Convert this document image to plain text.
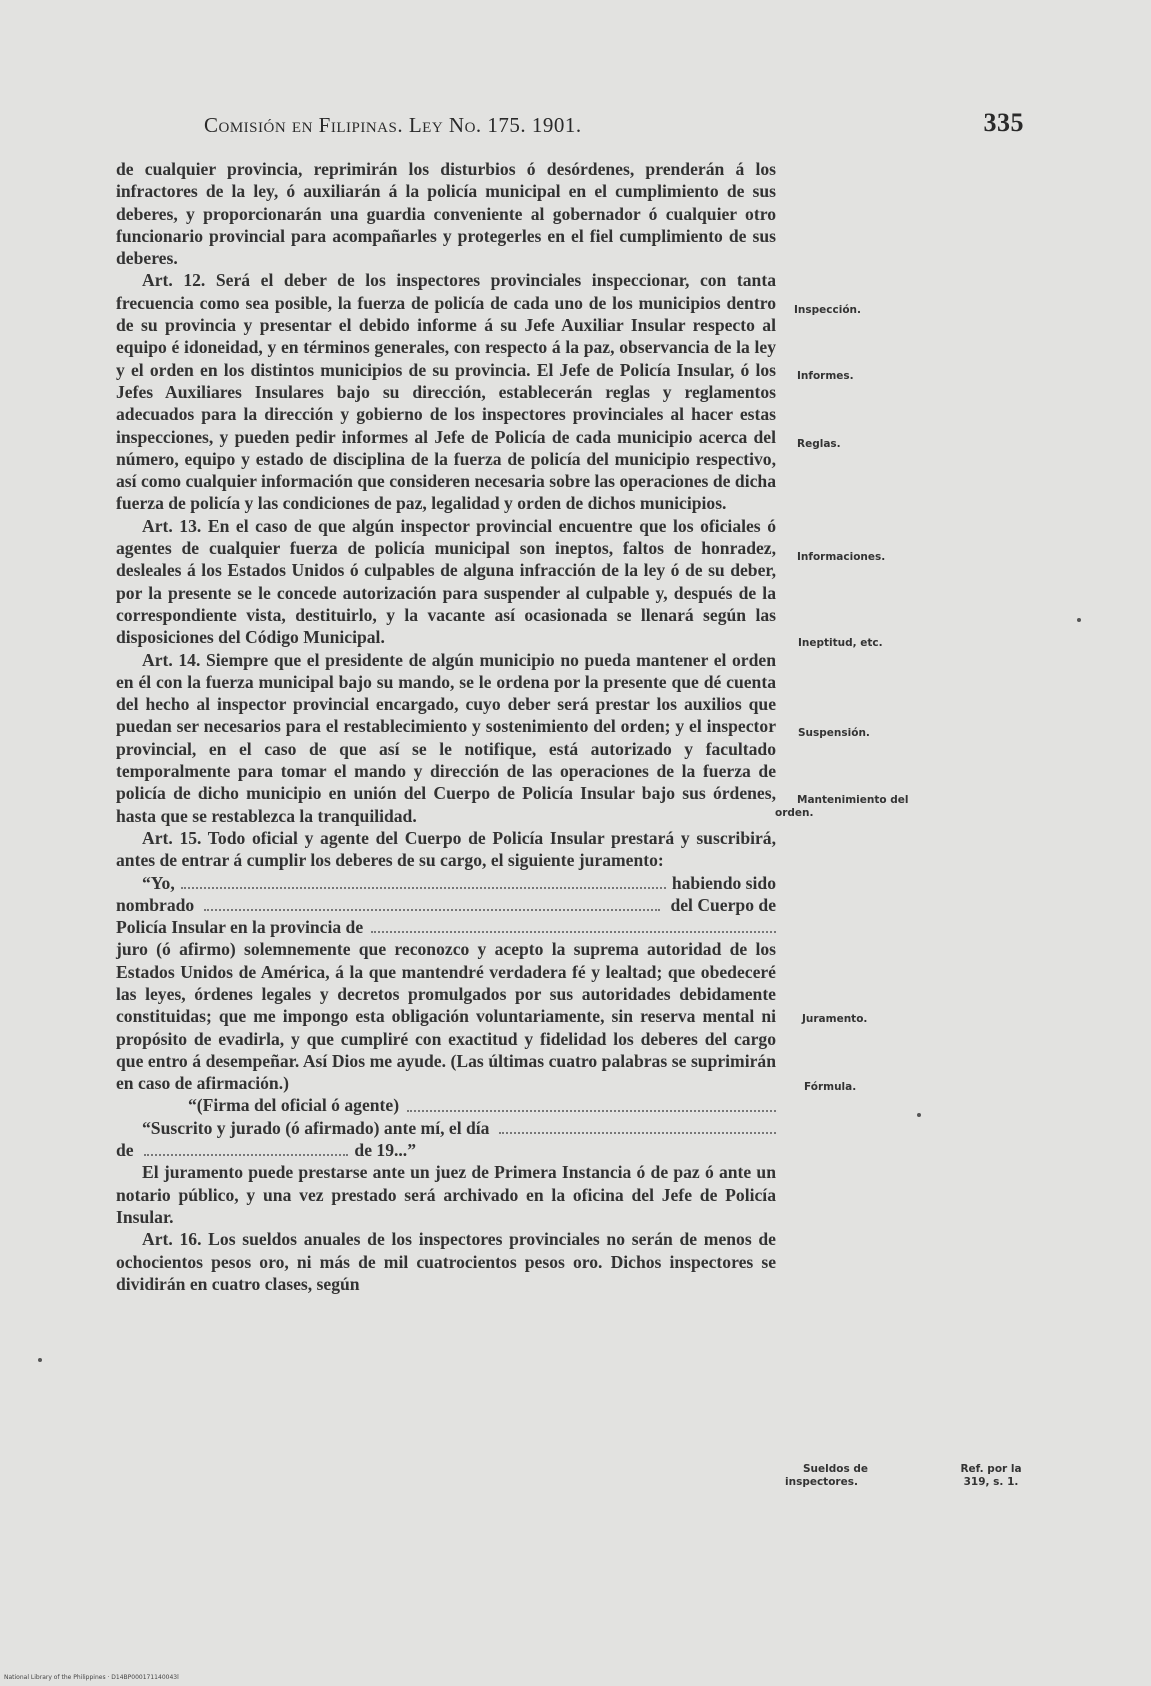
Comisión en Filipinas. Ley No. 175. 1901.	335

de cualquier provincia, reprimirán los disturbios ó desórdenes, prenderán á los infractores de la ley, ó auxiliarán á la policía municipal en el cumplimiento de sus deberes, y proporcionarán una guardia conveniente al gobernador ó cualquier otro funcionario provincial para acompañarles y protegerles en el fiel cumplimiento de sus deberes.

Art. 12. Será el deber de los inspectores provinciales inspeccionar, con tanta frecuencia como sea posible, la fuerza de policía de cada uno de los municipios dentro de su provincia y presentar el debido informe á su Jefe Auxiliar Insular respecto al equipo é idoneidad, y en términos generales, con respecto á la paz, observancia de la ley y el orden en los distintos municipios de su provincia. El Jefe de Policía Insular, ó los Jefes Auxiliares Insulares bajo su dirección, establecerán reglas y reglamentos adecuados para la dirección y gobierno de los inspectores provinciales al hacer estas inspecciones, y pueden pedir informes al Jefe de Policía de cada municipio acerca del número, equipo y estado de disciplina de la fuerza de policía del municipio respectivo, así como cualquier información que consideren necesaria sobre las operaciones de dicha fuerza de policía y las condiciones de paz, legalidad y orden de dichos municipios.

Art. 13. En el caso de que algún inspector provincial encuentre que los oficiales ó agentes de cualquier fuerza de policía municipal son ineptos, faltos de honradez, desleales á los Estados Unidos ó culpables de alguna infracción de la ley ó de su deber, por la presente se le concede autorización para suspender al culpable y, después de la correspondiente vista, destituirlo, y la vacante así ocasionada se llenará según las disposiciones del Código Municipal.

Art. 14. Siempre que el presidente de algún municipio no pueda mantener el orden en él con la fuerza municipal bajo su mando, se le ordena por la presente que dé cuenta del hecho al inspector provincial encargado, cuyo deber será prestar los auxilios que puedan ser necesarios para el restablecimiento y sostenimiento del orden; y el inspector provincial, en el caso de que así se le notifique, está autorizado y facultado temporalmente para tomar el mando y dirección de las operaciones de la fuerza de policía de dicho municipio en unión del Cuerpo de Policía Insular bajo sus órdenes, hasta que se restablezca la tranquilidad.

Art. 15. Todo oficial y agente del Cuerpo de Policía Insular prestará y suscribirá, antes de entrar á cumplir los deberes de su cargo, el siguiente juramento:

“Yo,	habiendo sido
nombrado	del Cuerpo de
Policía Insular en la provincia de

juro (ó afirmo) solemnemente que reconozco y acepto la suprema autoridad de los Estados Unidos de América, á la que mantendré verdadera fé y lealtad; que obedeceré las leyes, órdenes legales y decretos promulgados por sus autoridades debidamente constituidas; que me impongo esta obligación voluntariamente, sin reserva mental ni propósito de evadirla, y que cumpliré con exactitud y fidelidad los deberes del cargo que entro á desempeñar. Así Dios me ayude. (Las últimas cuatro palabras se suprimirán en caso de afirmación.)

“(Firma del oficial ó agente)
“Suscrito y jurado (ó afirmado) ante mí, el día
de	de 19...”

El juramento puede prestarse ante un juez de Primera Instancia ó de paz ó ante un notario público, y una vez prestado será archivado en la oficina del Jefe de Policía Insular.

Art. 16. Los sueldos anuales de los inspectores provinciales no serán de menos de ochocientos pesos oro, ni más de mil cuatrocientos pesos oro. Dichos inspectores se dividirán en cuatro clases, según

Inspección.
Informes.
Reglas.
Informaciones.
Ineptitud, etc.
Suspensión.
Mantenimiento del orden.
Juramento.
Fórmula.
Sueldos de inspectores.
Ref. por la 319, s. 1.
National Library of the Philippines · D14BP000171140043l
